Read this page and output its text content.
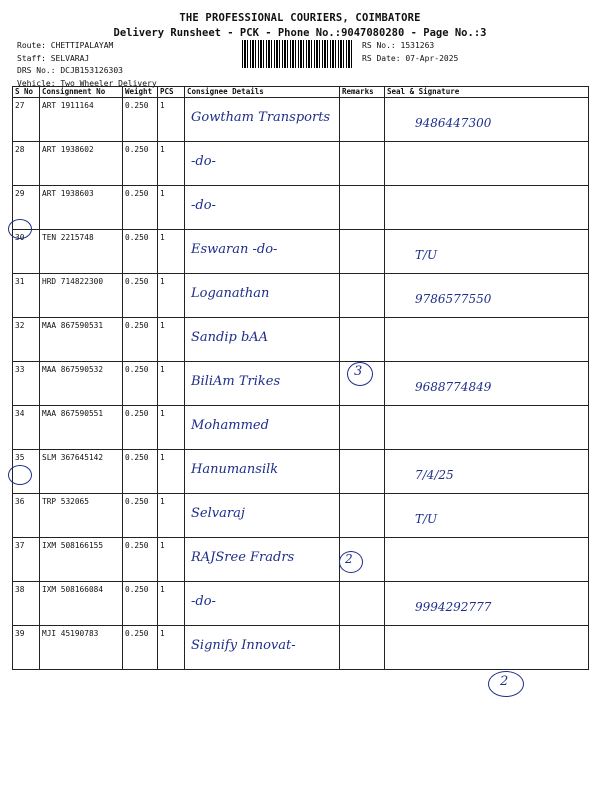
THE PROFESSIONAL COURIERS, COIMBATORE
Delivery Runsheet - PCK - Phone No.:9047080280 - Page No.:3
Route: CHETTIPALAYAM
Staff: SELVARAJ
DRS No.: DCJB153126303
Vehicle: Two Wheeler Delivery
RS No.: 1531263
RS Date: 07-Apr-2025
S No	Consignment No	Weight	PCS	Consignee Details	Remarks	Seal & Signature
27	ART 1911164	0.250	1	Gowtham Transports		9486447300

28	ART 1938602	0.250	1	-do-		

29	ART 1938603	0.250	1	-do-		

30	TEN 2215748	0.250	1	Eswaran -do-		T/U

31	HRD 714822300	0.250	1	Loganathan		9786577550

32	MAA 867590531	0.250	1	Sandip bAA		

33	MAA 867590532	0.250	1	BiliAm Trikes		9688774849

34	MAA 867590551	0.250	1	Mohammed		

35	SLM 367645142	0.250	1	Hanumansilk		7/4/25

36	TRP 532065	0.250	1	Selvaraj		T/U

37	IXM 508166155	0.250	1	RAJSree Fradrs		

38	IXM 508166084	0.250	1	-do-		9994292777

39	MJI 45190783	0.250	1	Signify Innovat-		

3
2
2
